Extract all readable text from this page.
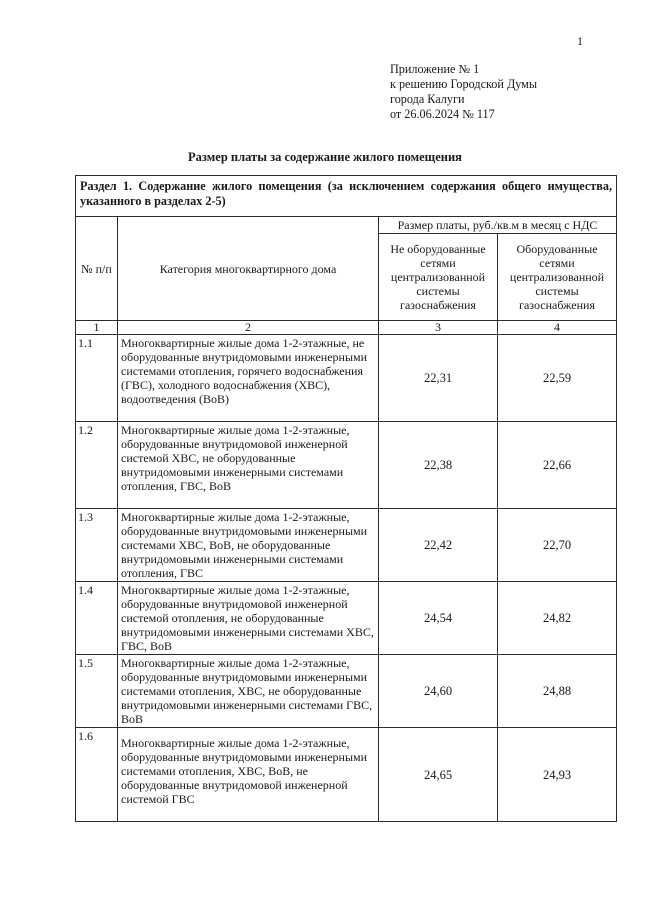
1
Приложение № 1
к решению Городской Думы
города Калуги
от 26.06.2024 № 117
Размер платы за содержание жилого помещения
Раздел 1. Содержание жилого помещения (за исключением содержания общего имущества, указанного в разделах 2-5)			
№ п/п	Категория многоквартирного дома	Размер платы, руб./кв.м в месяц с НДС	
		Не оборудованные сетями централизованной системы газоснабжения	Оборудованные сетями централизованной системы газоснабжения
1	2	3	4
1.1	Многоквартирные жилые дома 1-2-этажные, не оборудованные внутридомовыми инженерными системами отопления, горячего водоснабжения (ГВС), холодного водоснабжения (ХВС), водоотведения (ВоВ)	22,31	22,59
1.2	Многоквартирные жилые дома 1-2-этажные, оборудованные внутридомовой инженерной системой ХВС, не оборудованные внутридомовыми инженерными системами отопления, ГВС, ВоВ	22,38	22,66
1.3	Многоквартирные жилые дома 1-2-этажные, оборудованные внутридомовыми инженерными системами ХВС, ВоВ, не оборудованные внутридомовыми инженерными системами отопления, ГВС	22,42	22,70
1.4	Многоквартирные жилые дома 1-2-этажные, оборудованные внутридомовой инженерной системой отопления, не оборудованные внутридомовыми инженерными системами ХВС, ГВС, ВоВ	24,54	24,82
1.5	Многоквартирные жилые дома 1-2-этажные, оборудованные внутридомовыми инженерными системами отопления, ХВС, не оборудованные внутридомовыми инженерными системами ГВС, ВоВ	24,60	24,88
1.6	Многоквартирные жилые дома 1-2-этажные, оборудованные внутридомовыми инженерными системами отопления, ХВС, ВоВ, не оборудованные внутридомовой инженерной системой ГВС	24,65	24,93
